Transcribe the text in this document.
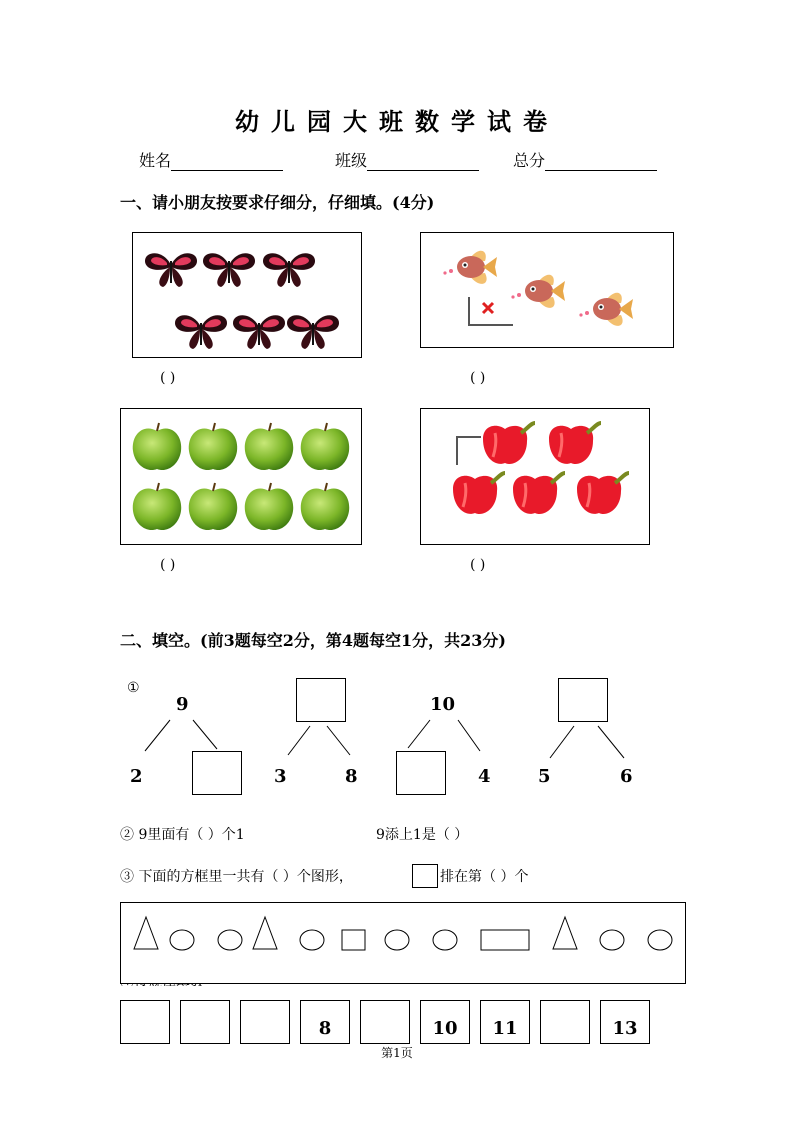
幼儿园大班数学试卷
姓名	班级	总分
一、请小朋友按要求仔细分，仔细填。(4分)
( )	( )
( )	( )
二、填空。(前3题每空2分，第4题每空1分，共23分)
①
9
2	3	8
10
4	5	6
② 9里面有（ ）个1	9添上1是（ ）
③ 下面的方框里一共有（ ）个图形，	排在第（ ）个
8	10	11	13
第1页
